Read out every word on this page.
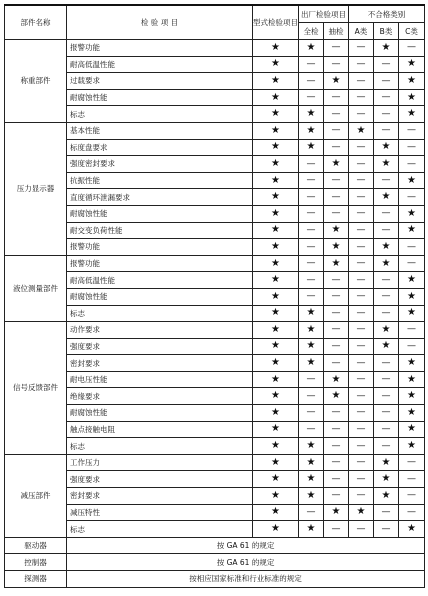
部件名称	检 验 项 目	型式检验项目	出厂检验项目		不合格类别		
			全检	抽检	A类	B类	C类
称重部件	报警功能	★	★	—	—	★	—
	耐高低温性能	★	—	—	—	—	★
	过载要求	★	—	★	—	—	★
	耐腐蚀性能	★	—	—	—	—	★
	标志	★	★	—	—	—	★
压力显示器	基本性能	★	★	—	★	—	—
	标度盘要求	★	★	—	—	★	—
	强度密封要求	★	—	★	—	★	—
	抗振性能	★	—	—	—	—	★
	直度循环泄漏要求	★	—	—	—	★	—
	耐腐蚀性能	★	—	—	—	—	★
	耐交变负荷性能	★	—	★	—	—	★
	报警功能	★	—	★	—	★	—
液位测量部件	报警功能	★	—	★	—	★	—
	耐高低温性能	★	—	—	—	—	★
	耐腐蚀性能	★	—	—	—	—	★
	标志	★	★	—	—	—	★
信号反馈部件	动作要求	★	★	—	—	★	—
	强度要求	★	★	—	—	★	—
	密封要求	★	★	—	—	—	★
	耐电压性能	★	—	★	—	—	★
	绝缘要求	★	—	★	—	—	★
	耐腐蚀性能	★	—	—	—	—	★
	触点接触电阻	★	—	—	—	—	★
	标志	★	★	—	—	—	★
减压部件	工作压力	★	★	—	—	★	—
	强度要求	★	★	—	—	★	—
	密封要求	★	★	—	—	★	—
	减压特性	★	—	★	★	—	—
	标志	★	★	—	—	—	★
驱动器	按 GA 61 的规定						
控制器	按 GA 61 的规定						
探测器	按相应国家标准和行业标准的规定						
